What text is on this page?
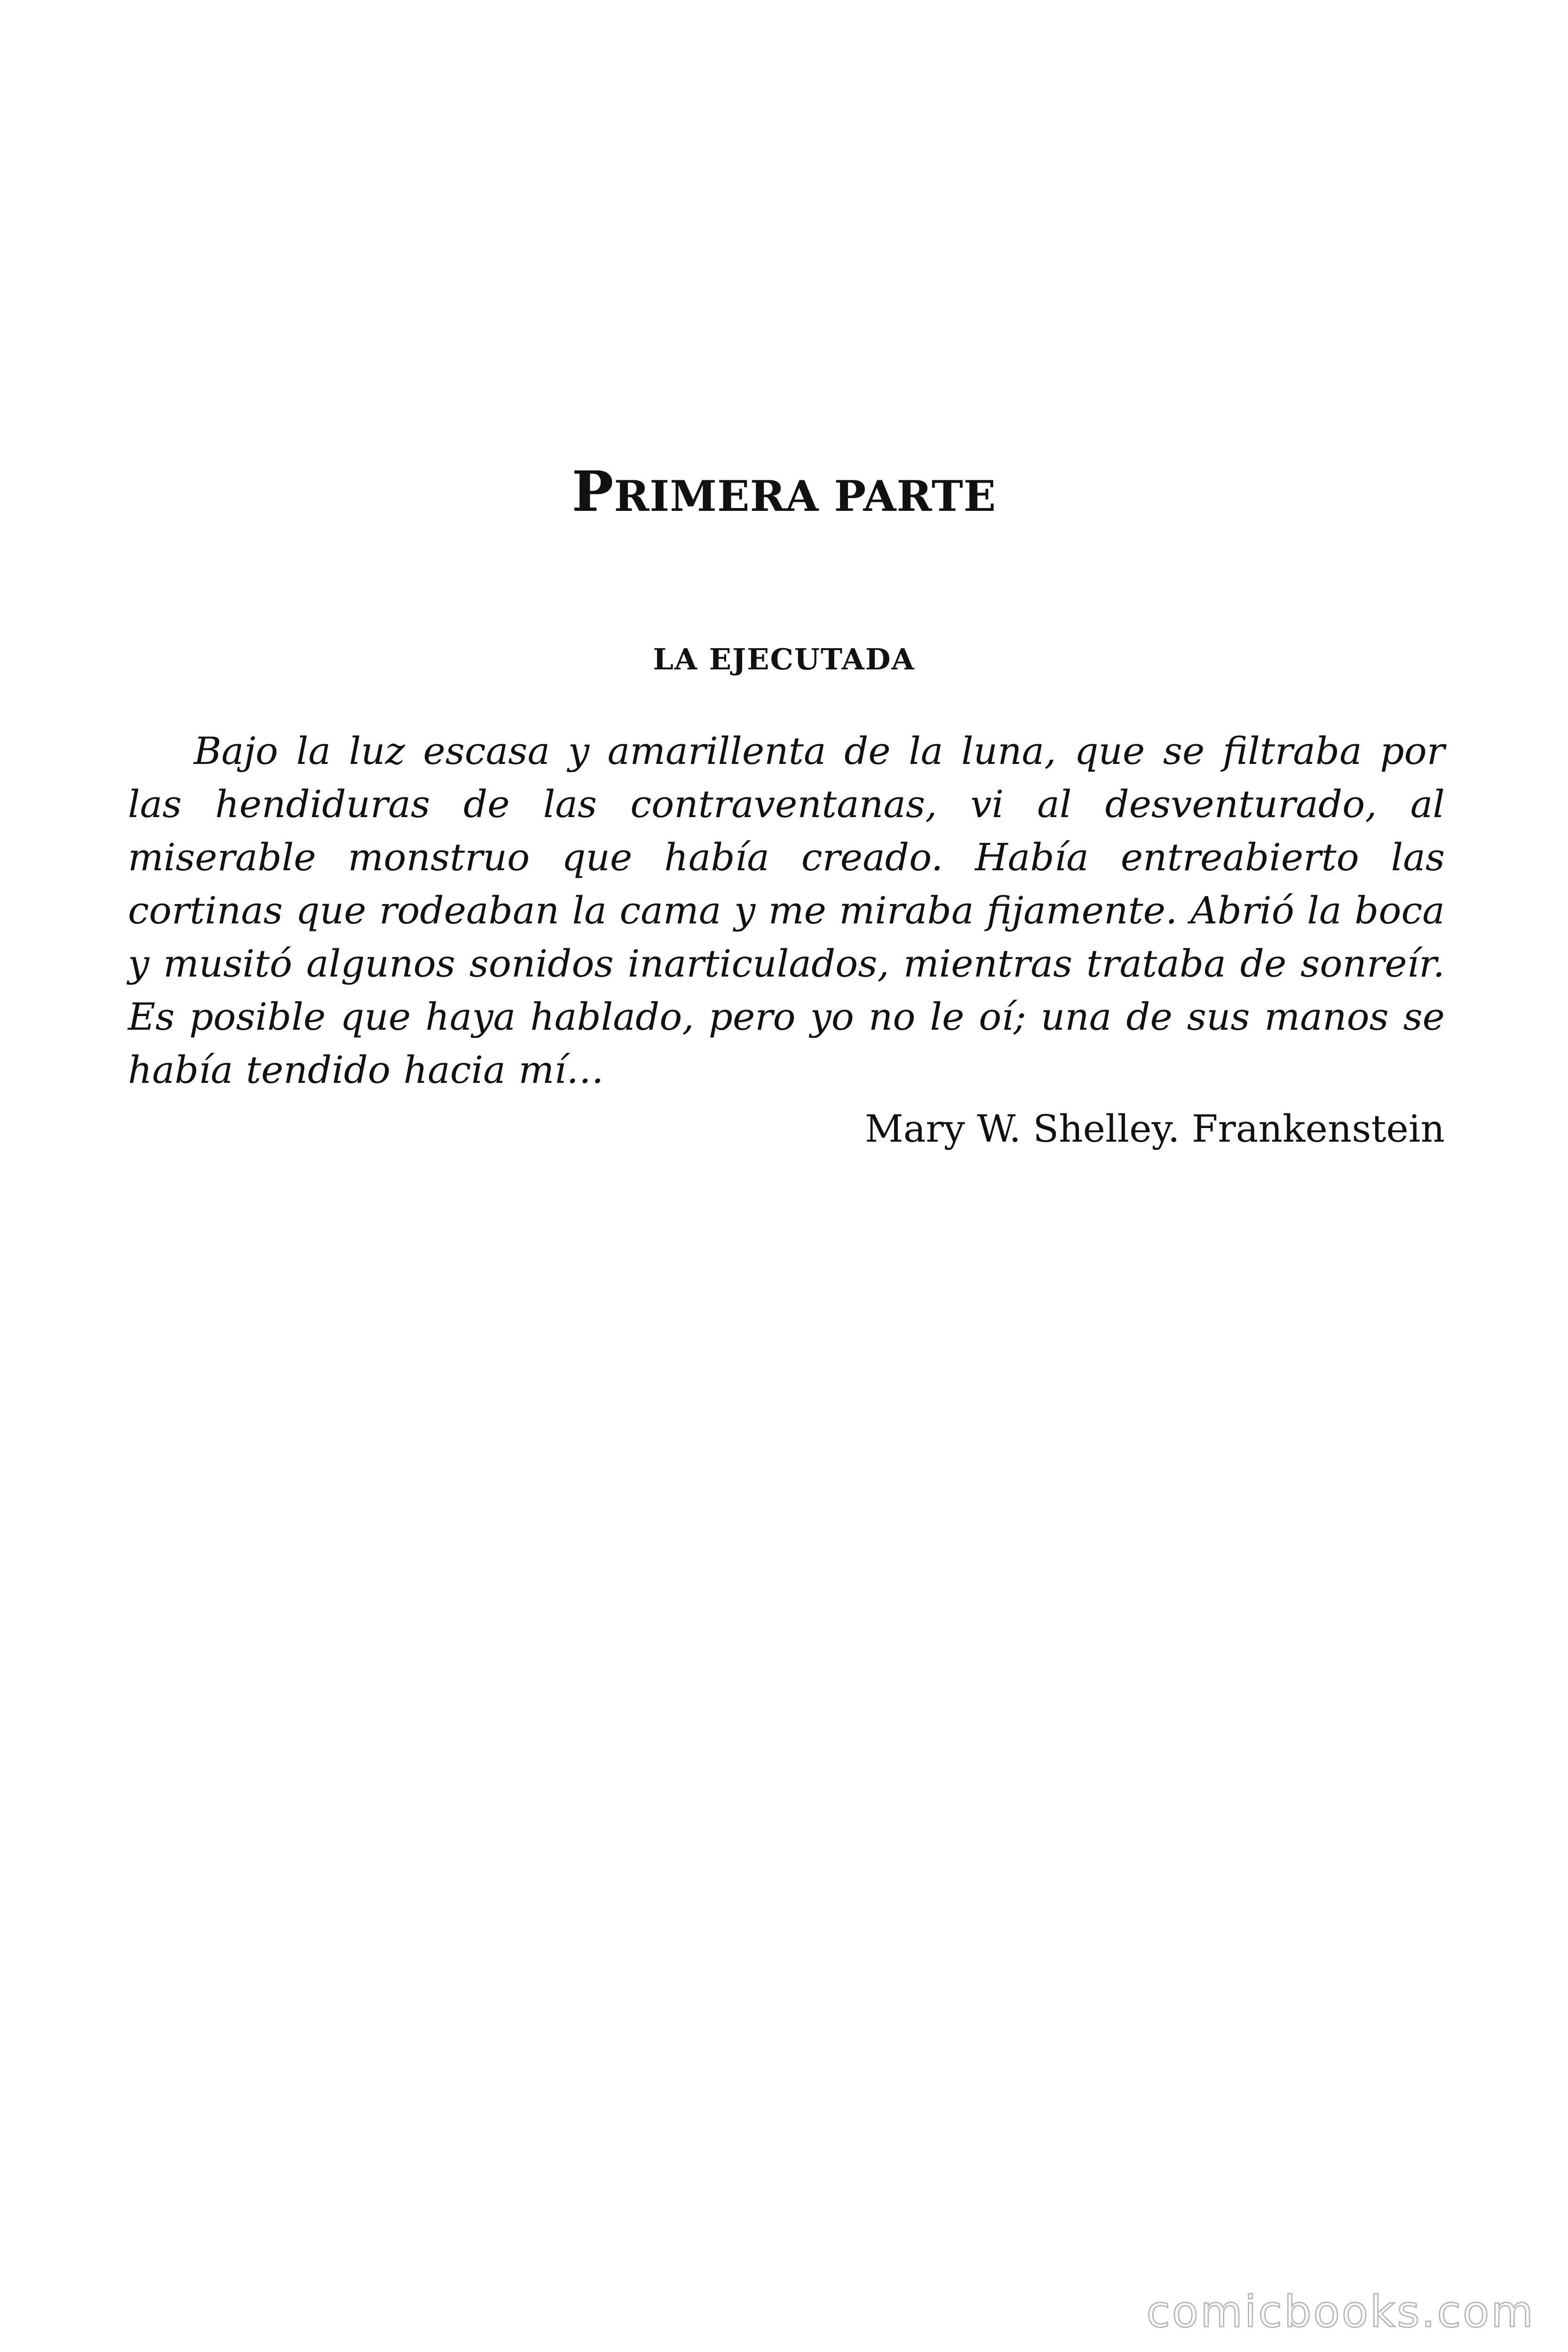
PRIMERA PARTE
LA EJECUTADA

Bajo la luz escasa y amarillenta de la luna, que se filtraba por las hendiduras de las contraventanas, vi al desventurado, al miserable monstruo que había creado. Había entreabierto las cortinas que rodeaban la cama y me miraba fijamente. Abrió la boca y musitó algunos sonidos inarticulados, mientras trataba de sonreír. Es posible que haya hablado, pero yo no le oí; una de sus manos se había tendido hacia mí…

Mary W. Shelley. Frankenstein

comicbooks.com
